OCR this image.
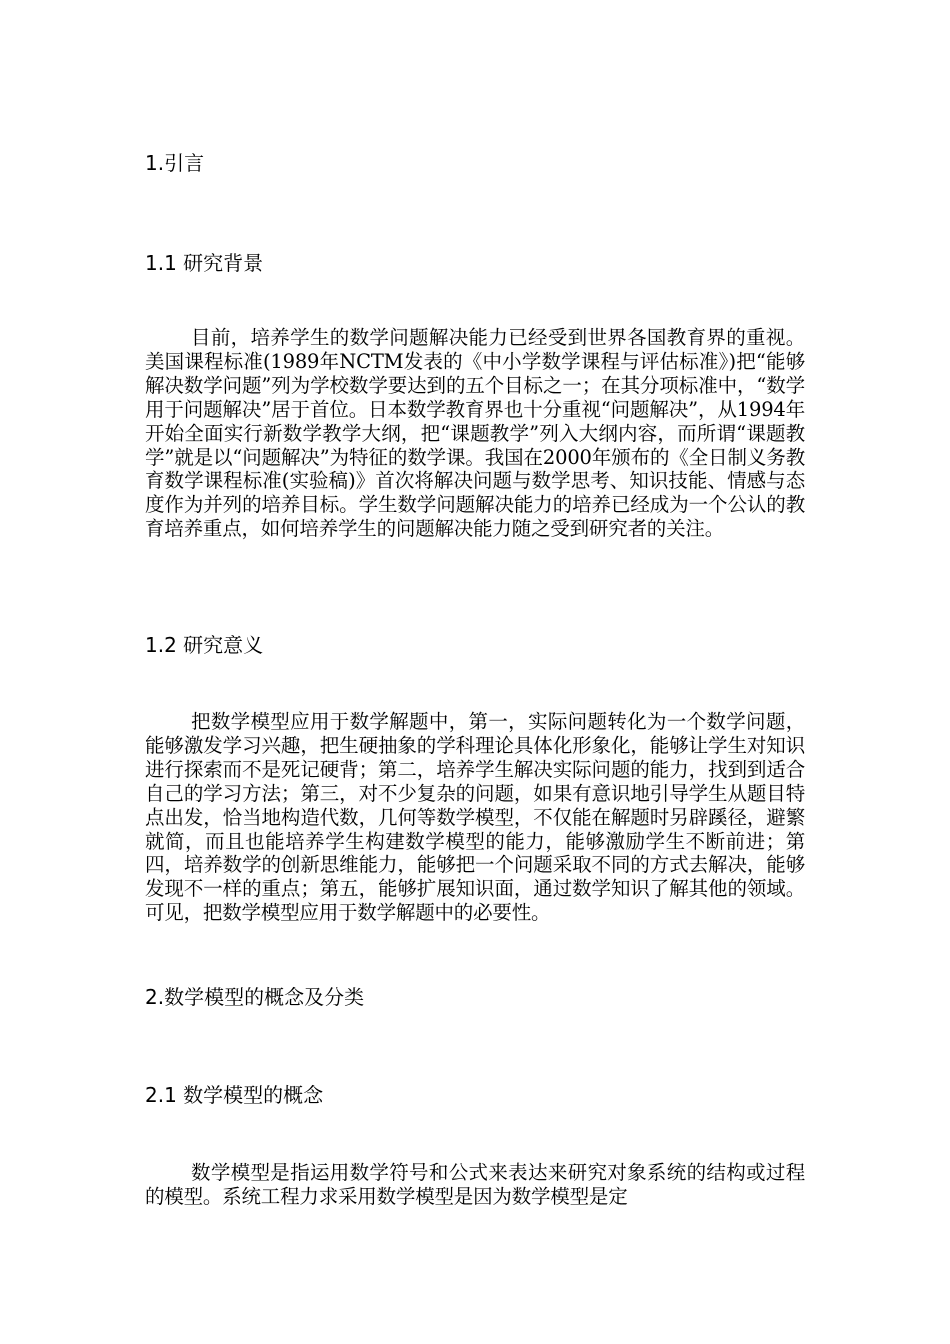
1.引言
1.1 研究背景

目前，培养学生的数学问题解决能力已经受到世界各国教育界的重视。美国课程标准(1989年NCTM发表的《中小学数学课程与评估标准》)把“能够解决数学问题”列为学校数学要达到的五个目标之一；在其分项标准中，“数学用于问题解决”居于首位。日本数学教育界也十分重视“问题解决”，从1994年开始全面实行新数学教学大纲，把“课题教学”列入大纲内容，而所谓“课题教学”就是以“问题解决”为特征的数学课。我国在2000年颁布的《全日制义务教育数学课程标准(实验稿)》首次将解决问题与数学思考、知识技能、情感与态度作为并列的培养目标。学生数学问题解决能力的培养已经成为一个公认的教育培养重点，如何培养学生的问题解决能力随之受到研究者的关注。

1.2 研究意义

把数学模型应用于数学解题中，第一，实际问题转化为一个数学问题，能够激发学习兴趣，把生硬抽象的学科理论具体化形象化，能够让学生对知识进行探索而不是死记硬背；第二，培养学生解决实际问题的能力，找到到适合自己的学习方法；第三，对不少复杂的问题，如果有意识地引导学生从题目特点出发，恰当地构造代数，几何等数学模型，不仅能在解题时另辟蹊径，避繁就简，而且也能培养学生构建数学模型的能力，能够激励学生不断前进；第四，培养数学的创新思维能力，能够把一个问题采取不同的方式去解决，能够发现不一样的重点；第五，能够扩展知识面，通过数学知识了解其他的领域。可见，把数学模型应用于数学解题中的必要性。

2.数学模型的概念及分类
2.1 数学模型的概念

数学模型是指运用数学符号和公式来表达来研究对象系统的结构或过程的模型。系统工程力求采用数学模型是因为数学模型是定
